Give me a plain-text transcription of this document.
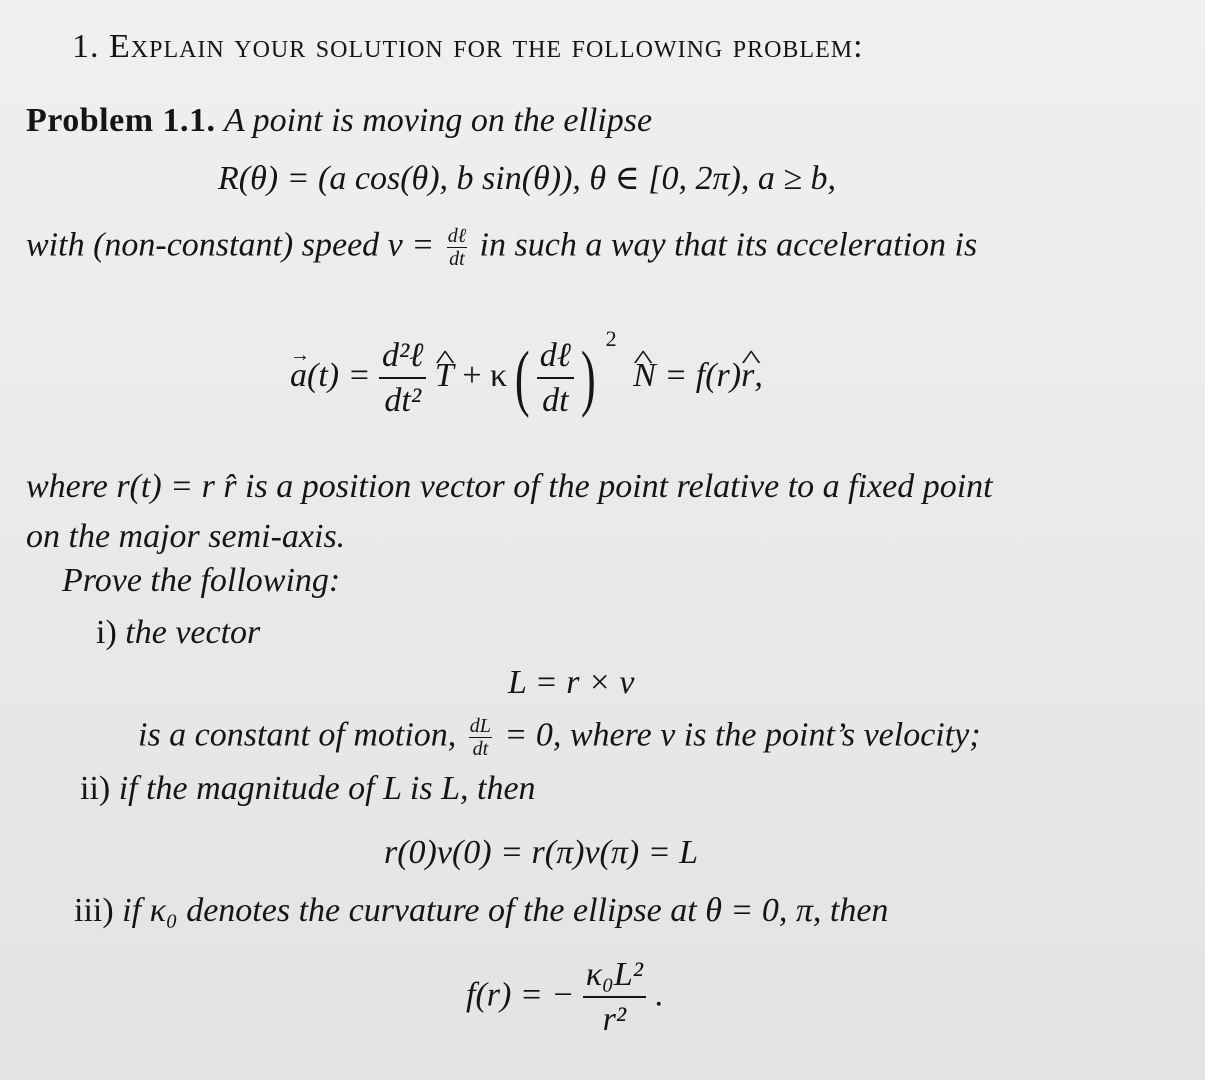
1. Explain your solution for the following problem:
Problem 1.1. A point is moving on the ellipse
R(θ) = (a cos(θ), b sin(θ)), θ ∈ [0, 2π), a ≥ b,
with (non-constant) speed $v = \frac{\text{dℓ}}{dt}$ in such a way that its acceleration is
→ $a(t) = \frac{\text{d²ℓ}}{\text{dt²}}$
^ T + κ ( $\frac{\text{dℓ}}{dt}$ ) $^2$ ^ N = f(r)^ r,
where r(t) = r r̂ is a position vector of the point relative to a fixed point
on the major semi-axis.
Prove the following:
i) the vector
L = r × v
is a constant of motion, $\frac{dL}{dt} = 0$, where v is the point’s velocity;
ii) if the magnitude of L is L, then
r(0)v(0) = r(π)v(π) = L
iii) if κ₀ denotes the curvature of the ellipse at θ = 0, π, then
f(r) = − $\frac{\text{κ₀L²}}{\text{r²}}$ .
